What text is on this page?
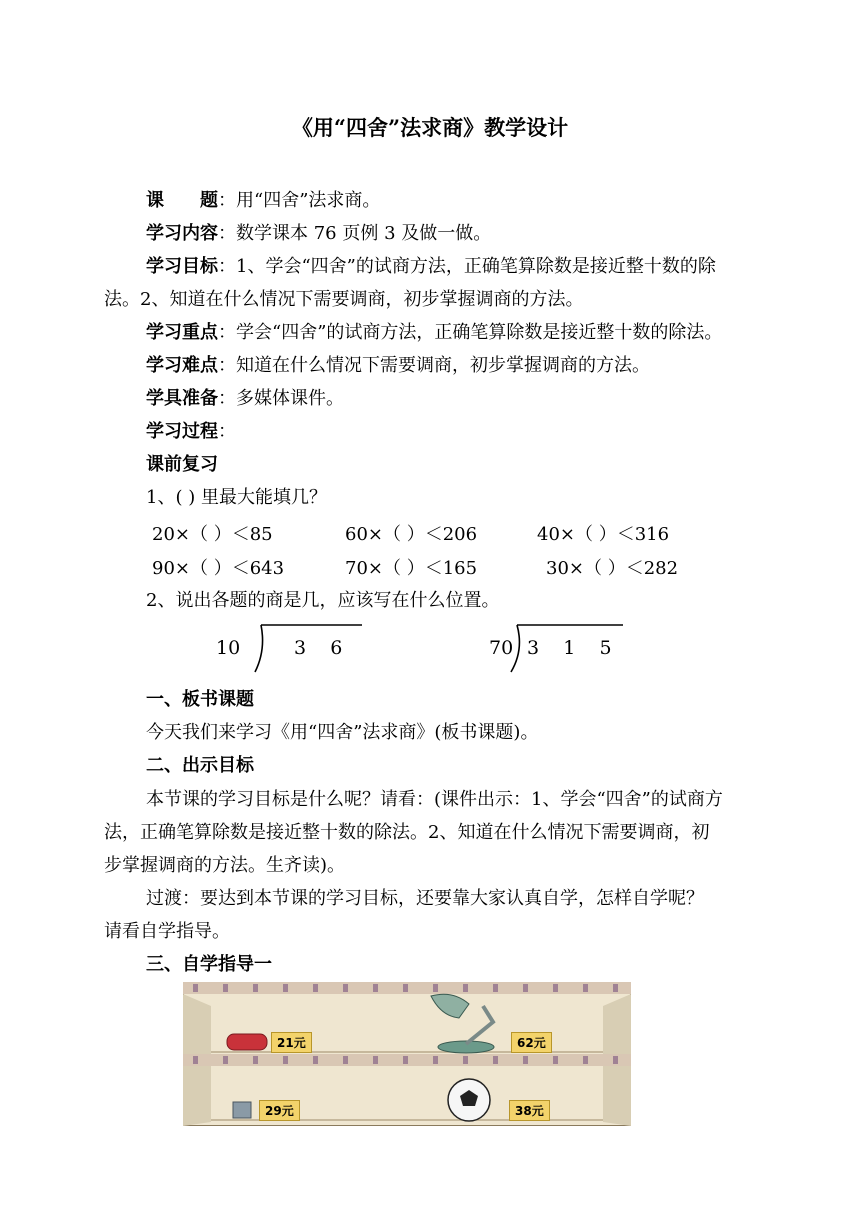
《用“四舍”法求商》教学设计
课　　题：用“四舍”法求商。
学习内容：数学课本 76 页例 3 及做一做。
学习目标：1、学会“四舍”的试商方法，正确笔算除数是接近整十数的除
法。2、知道在什么情况下需要调商，初步掌握调商的方法。
学习重点：学会“四舍”的试商方法，正确笔算除数是接近整十数的除法。
学习难点：知道在什么情况下需要调商，初步掌握调商的方法。
学具准备：多媒体课件。
学习过程：
课前复习
1、( ) 里最大能填几？
20×（ ）＜85	60×（ ）＜206	40×（ ）＜316
90×（ ）＜643	70×（ ）＜165	30×（ ）＜282
2、说出各题的商是几，应该写在什么位置。
10	3    6	70 3    1    5
一、板书课题
今天我们来学习《用“四舍”法求商》(板书课题)。
二、出示目标
本节课的学习目标是什么呢？请看：(课件出示：1、学会“四舍”的试商方
法，正确笔算除数是接近整十数的除法。2、知道在什么情况下需要调商，初
步掌握调商的方法。生齐读)。
过渡：要达到本节课的学习目标，还要靠大家认真自学，怎样自学呢？
请看自学指导。
三、自学指导一
21元	62元
29元	38元
